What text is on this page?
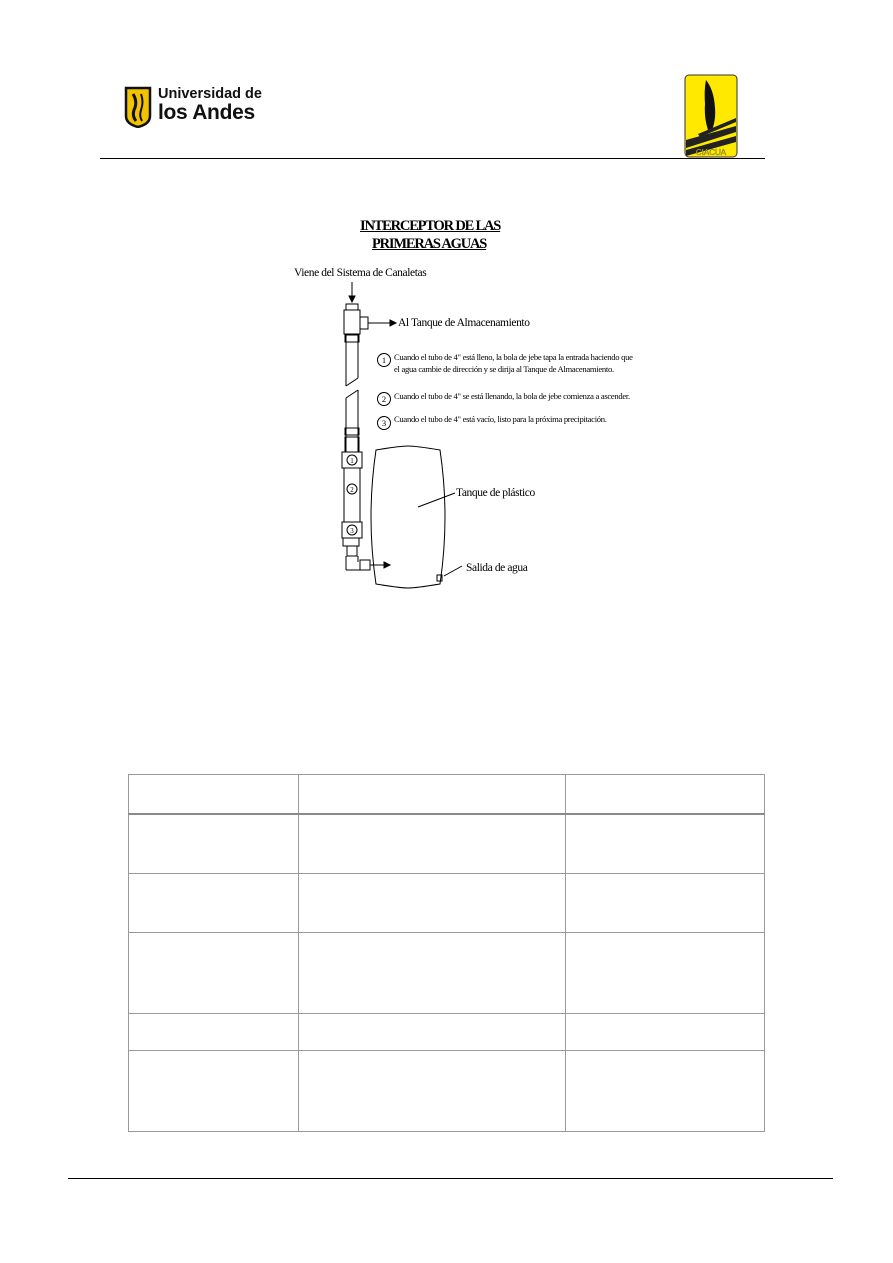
Universidad de
los Andes
CIACUA
INTERCEPTOR DE LAS
PRIMERAS AGUAS
Viene del Sistema de Canaletas
Al Tanque de Almacenamiento
Tanque de plástico
Salida de agua
1 Cuando el tubo de 4" está lleno, la bola de jebe tapa la entrada haciendo que el agua cambie de dirección y se dirija al Tanque de Almacenamiento.
2 Cuando el tubo de 4" se está llenando, la bola de jebe comienza a ascender.
3 Cuando el tubo de 4" está vacío, listo para la próxima precipitación.
1
2
3
